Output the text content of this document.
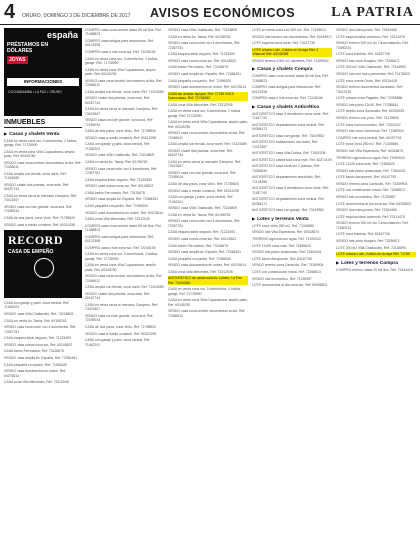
4 ORURO, DOMINGO 3 DE DICIEMBRE DE 2017 AVISOS ECONÓMICOS	LA PATRIA
españa
PRÉSTAMOS EN DÓLARES
JOYAS
INFORMACIONES
COCHABAMBA • LA PAZ • ORURO
INMUEBLES
▶ Casas y chalets Venta

CASA en venta zona sur, 3 dormitorios, 2 baños, garaje, Ref: 71728990

CASA en venta zona Villa Copacabana, amplio patio, Ref: 60345780

VENDO casa zona central, documentos al día, Ref: 72456611

CASA amplia con tienda, zona norte, Ref: 71324589

VENDO chalet dos plantas, zona este, Ref: 60187744

CASA en venta cerca al mercado Campero, Ref: 73421567

VENDO casa con lote grande, zona sud, Ref: 72189034

CASA de dos pisos, zona Vinto, Ref: 71785520

VENDO casa a medio construir, Ref: 60312298

RECORD
CASA DE EMPEÑO

CASA con garaje y patio, zona central, Ref: 71462201

VENDO casa Villa Challacollo, Ref: 73218809

CASA en venta Av. Tacna, Ref: 60198763

VENDO casa zona norte con 4 dormitorios, Ref: 72357781

CASA esquina ideal negocio, Ref: 71223490

VENDO casa nueva zona sur, Ref: 60145522

CASA barrio Ferroviario, Ref: 73126678

VENDO casa amplia Av. España, Ref: 72084451

CASA pequeña con jardín, Ref: 71956320

VENDO casa documentos en orden, Ref: 60276614

CASA zona Villa Mercedes, Ref: 73312045

COMPRO casa zona central hasta 80 mil $us, Ref: 71458823

COMPRO casa antigua para refaccionar, Ref: 60123398

COMPRO casa o lote zona sur, Ref: 72245106

CASA en venta zona sur, 3 dormitorios, 2 baños, garaje, Ref: 71728990

CASA en venta zona Villa Copacabana, amplio patio, Ref: 60345780

VENDO casa zona central, documentos al día, Ref: 72456611

CASA amplia con tienda, zona norte, Ref: 71324589

VENDO chalet dos plantas, zona este, Ref: 60187744

CASA en venta cerca al mercado Campero, Ref: 73421567

VENDO casa con lote grande, zona sud, Ref: 72189034

CASA de dos pisos, zona Vinto, Ref: 71785520

VENDO casa a medio construir, Ref: 60312298

CASA con garaje y patio, zona central, Ref: 71462201

VENDO casa Villa Challacollo, Ref: 73218809

CASA en venta Av. Tacna, Ref: 60198763

VENDO casa zona norte con 4 dormitorios, Ref: 72357781

CASA esquina ideal negocio, Ref: 71223490

VENDO casa nueva zona sur, Ref: 60145522

CASA barrio Ferroviario, Ref: 73126678

VENDO casa amplia Av. España, Ref: 72084451

CASA pequeña con jardín, Ref: 71956320

VENDO casa documentos en orden, Ref: 60276614

CASA zona Villa Mercedes, Ref: 73312045

COMPRO casa zona central hasta 80 mil $us, Ref: 71458823

COMPRO casa antigua para refaccionar, Ref: 60123398

COMPRO casa o lote zona sur, Ref: 72245106

CASA en venta zona sur, 3 dormitorios, 2 baños, garaje, Ref: 71728990

CASA en venta zona Villa Copacabana, amplio patio, Ref: 60345780

VENDO casa zona central, documentos al día, Ref: 72456611

CASA amplia con tienda, zona norte, Ref: 71324589

VENDO chalet dos plantas, zona este, Ref: 60187744

CASA en venta cerca al mercado Campero, Ref: 73421567

VENDO casa con lote grande, zona sud, Ref: 72189034

CASA de dos pisos, zona Vinto, Ref: 71785520

VENDO casa a medio construir, Ref: 60312298

CASA con garaje y patio, zona central, Ref: 71462201

VENDO casa Villa Challacollo, Ref: 73218809

CASA en venta Av. Tacna, Ref: 60198763

VENDO casa zona norte con 4 dormitorios, Ref: 72357781

CASA esquina ideal negocio, Ref: 71223490

VENDO casa nueva zona sur, Ref: 60145522

CASA barrio Ferroviario, Ref: 73126678

VENDO casa amplia Av. España, Ref: 72084451

CASA pequeña con jardín, Ref: 71956320

VENDO casa documentos en orden, Ref: 60276614

CASA sin acabar Iquique, Ref: 71786 04/19 Domocasas, Ref: 71734062

CASA zona Villa Mercedes, Ref: 73312045

CASA en venta zona sur, 3 dormitorios, 2 baños, garaje, Ref: 71728990

CASA en venta zona Villa Copacabana, amplio patio, Ref: 60345780

VENDO casa zona central, documentos al día, Ref: 72456611

CASA amplia con tienda, zona norte, Ref: 71324589

VENDO chalet dos plantas, zona este, Ref: 60187744

CASA en venta cerca al mercado Campero, Ref: 73421567

VENDO casa con lote grande, zona sud, Ref: 72189034

CASA de dos pisos, zona Vinto, Ref: 71785520

VENDO casa a medio construir, Ref: 60312298

CASA con garaje y patio, zona central, Ref: 71462201

VENDO casa Villa Challacollo, Ref: 73218809

CASA en venta Av. Tacna, Ref: 60198763

VENDO casa zona norte con 4 dormitorios, Ref: 72357781

CASA esquina ideal negocio, Ref: 71223490

VENDO casa nueva zona sur, Ref: 60145522

CASA barrio Ferroviario, Ref: 73126678

VENDO casa amplia Av. España, Ref: 72084451

CASA pequeña con jardín, Ref: 71956320

VENDO casa documentos en orden, Ref: 60276614

CASA zona Villa Mercedes, Ref: 73312045

ANTICRÉTICO de casita sola Av. Lameu, La Paz Ref: 73434300

CASA en venta zona sur, 3 dormitorios, 2 baños, garaje, Ref: 71728990

CASA en venta zona Villa Copacabana, amplio patio, Ref: 60345780

VENDO casa zona central, documentos al día, Ref: 72456611

LOTE en venta zona sud 300 m2, Ref: 71678812

VENDO lote urbano con documentos, Ref: 60249917

LOTE esquina zona norte, Ref: 73247735

LOTE urbano Lote, 4 lados en Arraya Ref: 2 Villarroel Ref: 63146058

VENDO terreno 1000 m2 carretera, Ref: 72189902

▶ Casas y chalets Compra

COMPRO casa zona central hasta 80 mil $us, Ref: 71458823

COMPRO casa antigua para refaccionar, Ref: 60123398

COMPRO casa o lote zona sur, Ref: 72245106

▶ Casas y chalets Anticrético

ANTICRÉTICO casa 3 dormitorios zona norte, Ref: 71187740

ANTICRÉTICO departamento zona central, Ref: 60354471

ANTICRÉTICO casa con garaje, Ref: 73419982

ANTICRÉTICO habitaciones con baño, Ref: 72013367

ANTICRÉTICO casa Villa Dorina, Ref: 71552208

ANTICRÉTICO casita sola zona este, Ref: 60271109

ANTICRÉTICO casa zona sur 2 plantas, Ref: 73365540

ANTICRÉTICO departamento amoblado, Ref: 72134456

ANTICRÉTICO casa 3 dormitorios zona norte, Ref: 71187740

ANTICRÉTICO departamento zona central, Ref: 60354471

ANTICRÉTICO casa con garaje, Ref: 73419982

▶ Lotes y terrenos Venta

LOTE zona Vinto 250 m2, Ref: 71345566

VENDO lote Villa Esperanza, Ref: 60318874

TERRENO agrícola con agua, Ref: 73190043

LOTE 12x25 zona este, Ref: 72456620

VENDO lote plano urbanizado, Ref: 71564431

LOTE barrio Aeropuerto, Ref: 60167790

VENDO terreno zona Caracollo, Ref: 73389904

LOTE con construcción inicial, Ref: 72268813

VENDO lote económico, Ref: 71239987

LOTE documentos al día zona sur, Ref: 60398821

VENDO dos lotes juntos, Ref: 73154466

LOTE esquina ideal comercio, Ref: 72314478

VENDO terreno 500 m2 Av. Circunvalación, Ref: 71690034

LOTE zona Kantuta, Ref: 60187726

VENDO lote zona Huajara, Ref: 73256671

LOTE 300 m2 Villa Challacollo, Ref: 72145590

VENDO lote con muro perimetral, Ref: 71476623

LOTE zona nueva Oruro, Ref: 60224418

VENDO terreno documentos saneados, Ref: 73412239

LOTE urbano zona Pagador, Ref: 72398856

VENDO lote plano 12x30, Ref: 71258844

LOTE amplio zona Socamani, Ref: 60345519

VENDO terreno con pozo, Ref: 73178806

LOTE zona sud económico, Ref: 72201147

VENDO lote zona Vichuloma, Ref: 71389920

COMPRO lote zona central, Ref: 60297763

LOTE zona Vinto 250 m2, Ref: 71345566

VENDO lote Villa Esperanza, Ref: 60318874

TERRENO agrícola con agua, Ref: 73190043

LOTE 12x25 zona este, Ref: 72456620

VENDO lote plano urbanizado, Ref: 71564431

LOTE barrio Aeropuerto, Ref: 60167790

VENDO terreno zona Caracollo, Ref: 73389904

LOTE con construcción inicial, Ref: 72268813

VENDO lote económico, Ref: 71239987

LOTE documentos al día zona sur, Ref: 60398821

VENDO dos lotes juntos, Ref: 73154466

LOTE esquina ideal comercio, Ref: 72314478

VENDO terreno 500 m2 Av. Circunvalación, Ref: 71690034

LOTE zona Kantuta, Ref: 60187726

VENDO lote zona Huajara, Ref: 73256671

LOTE 300 m2 Villa Challacollo, Ref: 72145590

LOTE urbano Lote, 4 lados en Arraya Ref: 71786

▶ Lotes y terrenos Compra

COMPRO terreno hasta 20 mil $us, Ref: 73344418
